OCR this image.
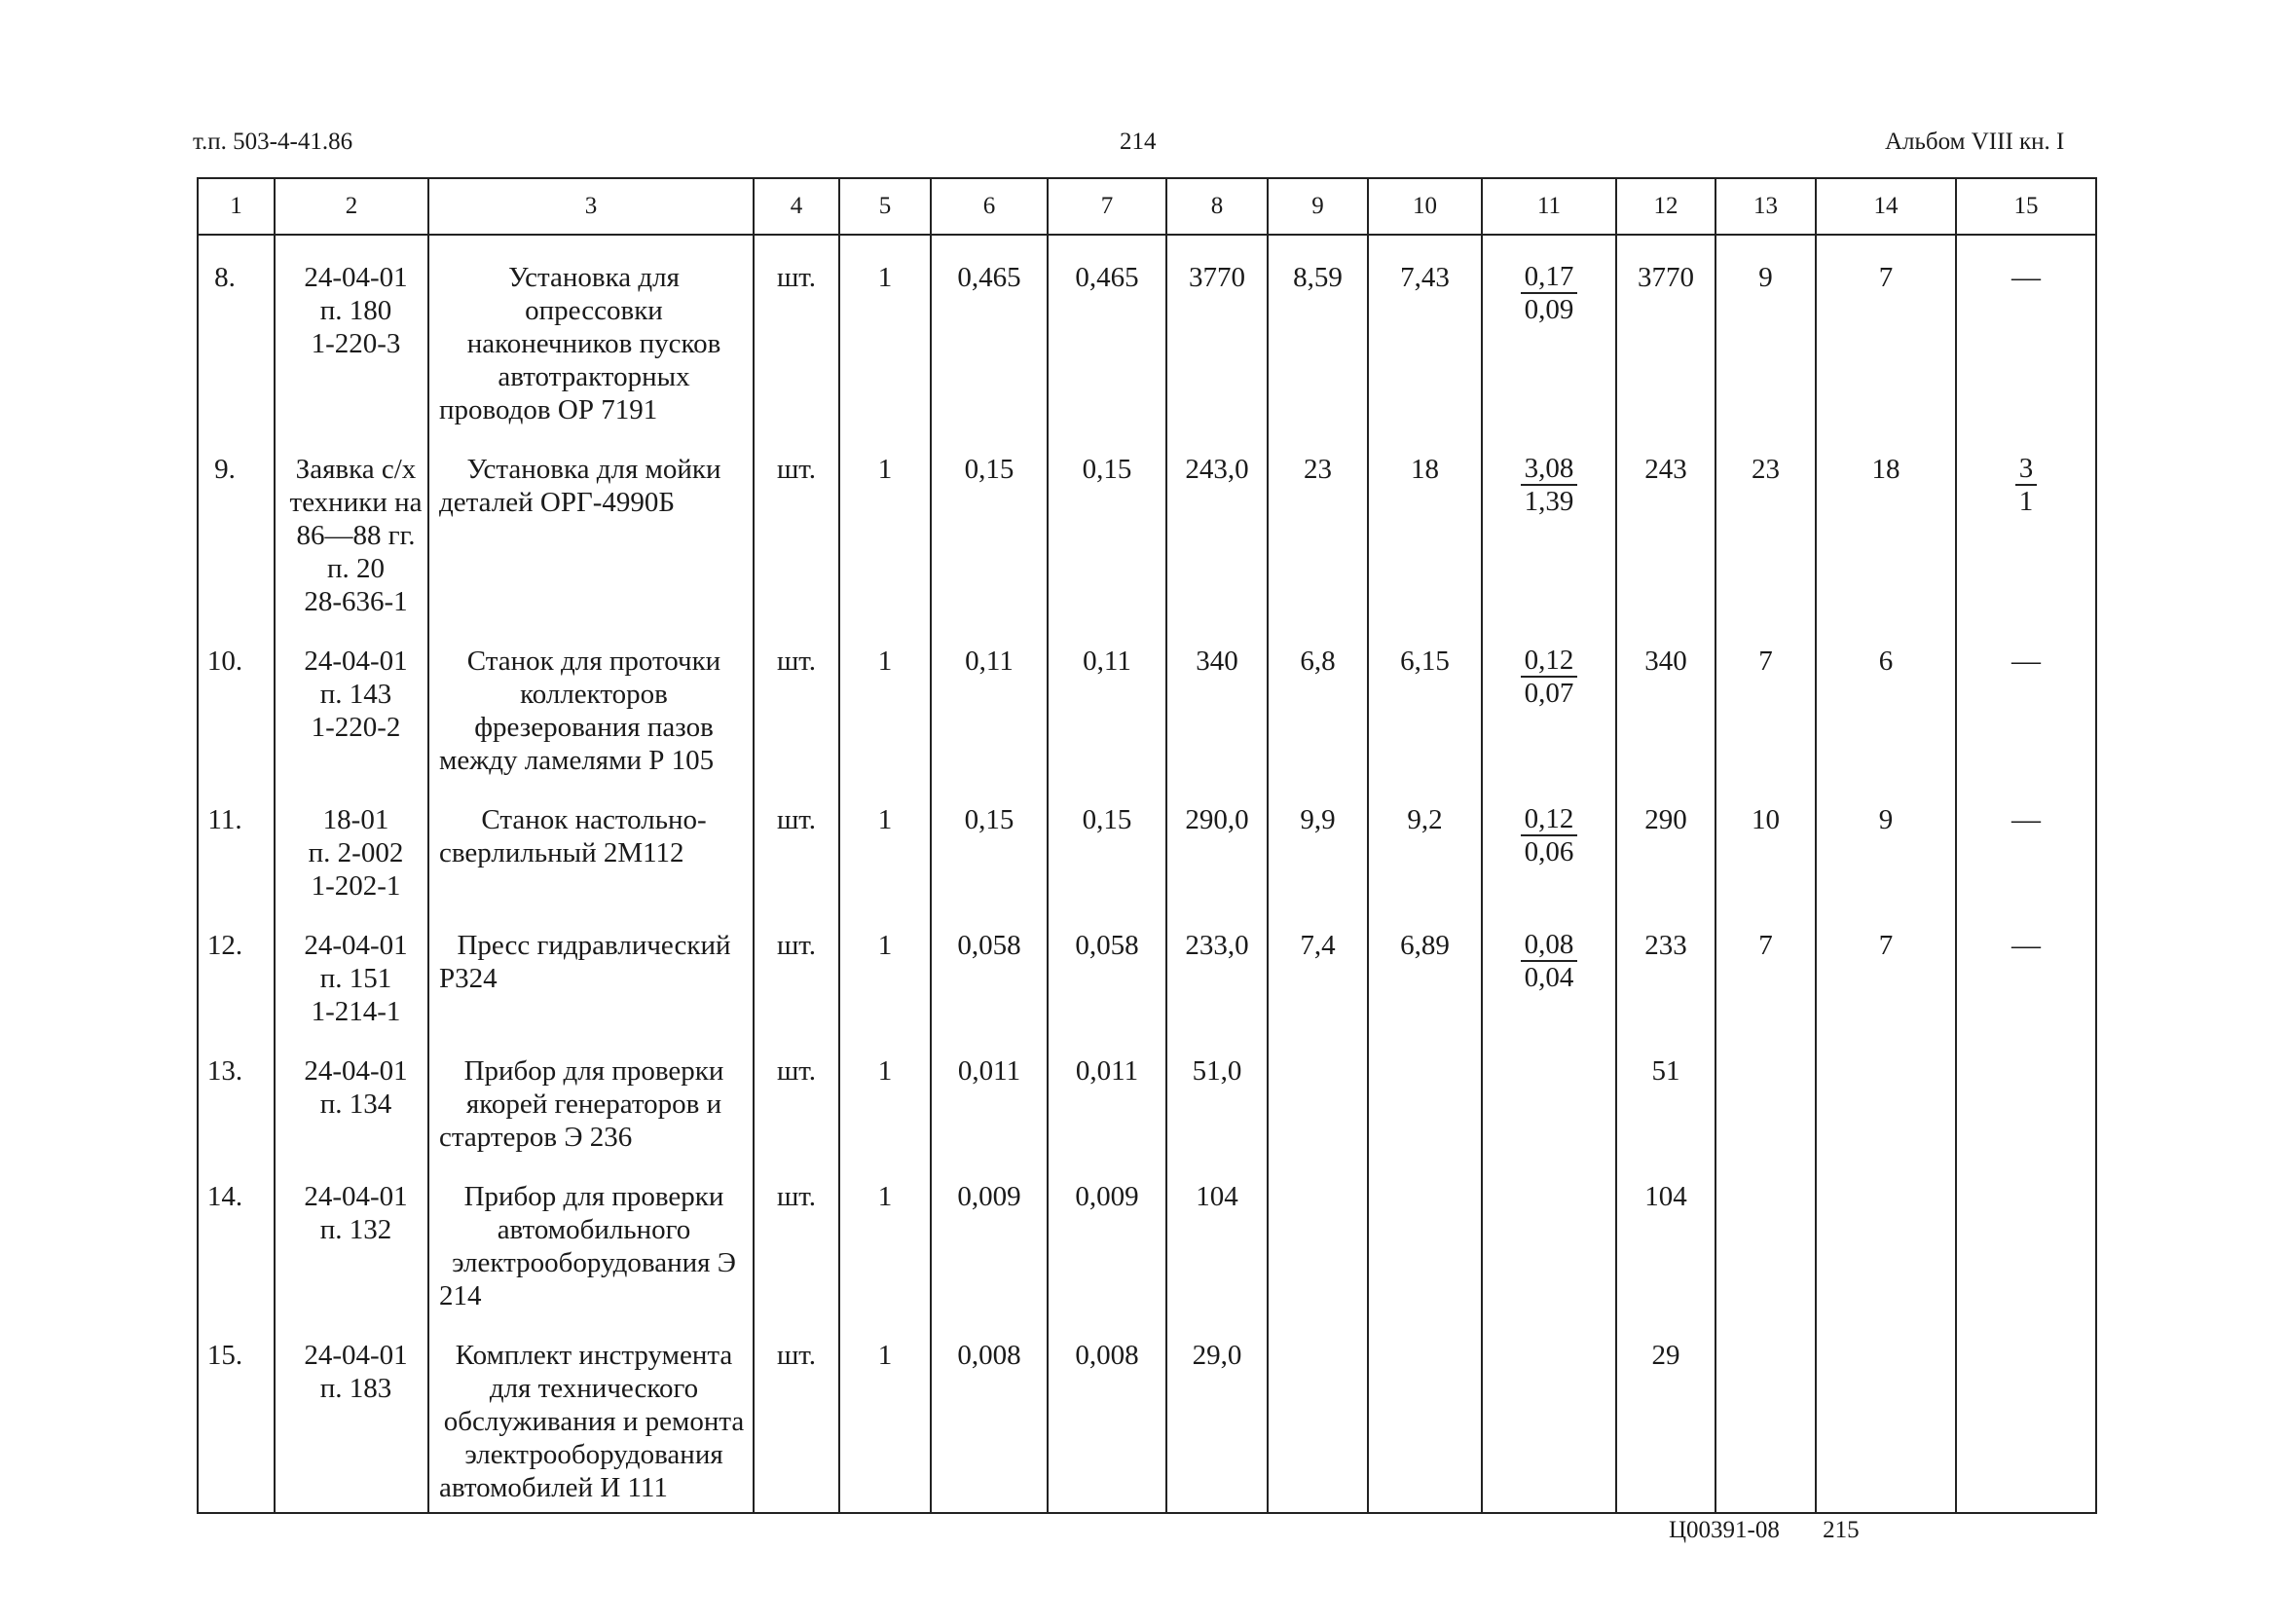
т.п. 503-4-41.86	214	Альбом VIII кн. I
1	2	3	4	5	6	7	8	9	10	11	12	13	14	15
8.	24-04-01
п. 180
1-220-3	Установка для опрессовки наконечников пусков автотракторных проводов ОР 7191	шт.	1	0,465	0,465	3770	8,59	7,43	$\frac{0,17}{0,09}$	3770	9	7	—
9.	Заявка с/х
техники на
86—88 гг.
п. 20
28-636-1	Установка для мойки деталей ОРГ-4990Б	шт.	1	0,15	0,15	243,0	23	18	$\frac{3,08}{1,39}$	243	23	18	$\frac{3}{1}$

10.	24-04-01
п. 143
1-220-2	Станок для проточки коллекторов фрезерования пазов между ламелями Р 105	шт.	1	0,11	0,11	340	6,8	6,15	$\frac{0,12}{0,07}$	340	7	6	—
11.	18-01
п. 2-002
1-202-1	Станок настольно-сверлильный 2М112	шт.	1	0,15	0,15	290,0	9,9	9,2	$\frac{0,12}{0,06}$	290	10	9	—
12.	24-04-01
п. 151
1-214-1	Пресс гидравлический Р324	шт.	1	0,058	0,058	233,0	7,4	6,89	$\frac{0,08}{0,04}$	233	7	7	—
13.	24-04-01
п. 134	Прибор для проверки якорей генераторов и стартеров Э 236	шт.	1	0,011	0,011	51,0				51			
14.	24-04-01
п. 132	Прибор для проверки автомобильного электрооборудования Э 214	шт.	1	0,009	0,009	104				104			
15.	24-04-01
п. 183	Комплект инструмента для технического обслуживания и ремонта электрооборудования автомобилей И 111	шт.	1	0,008	0,008	29,0				29			
Ц00391-08 215
